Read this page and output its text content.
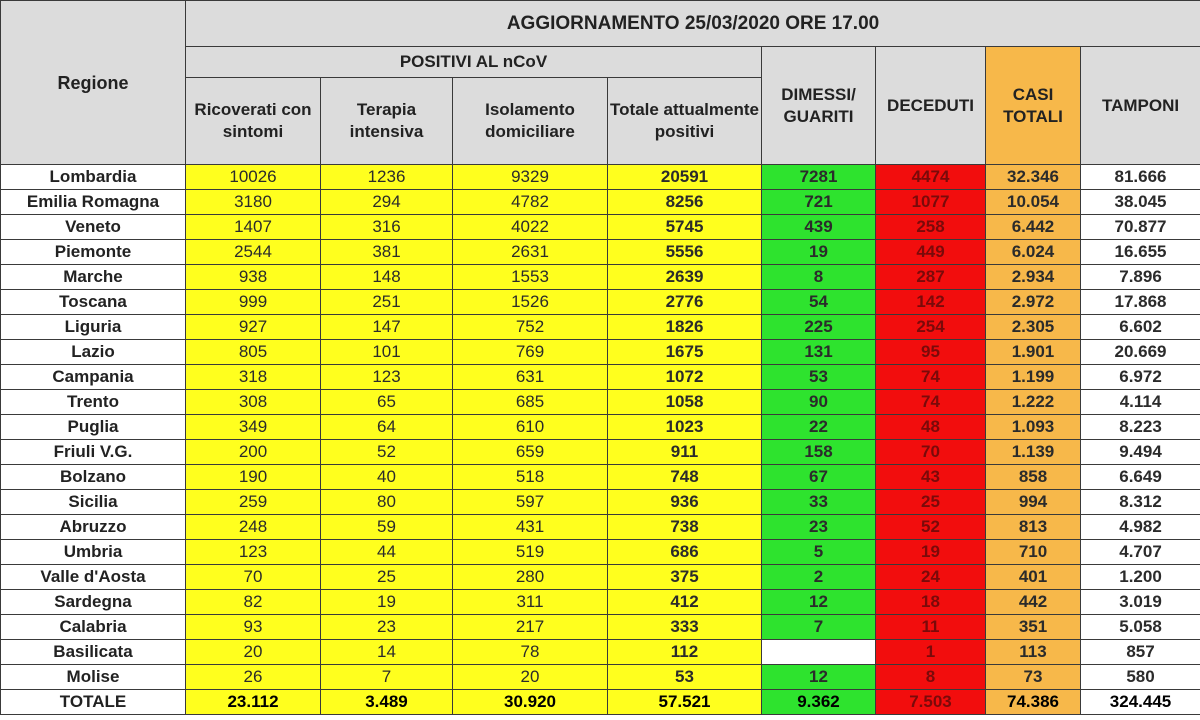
Regione	AGGIORNAMENTO 25/03/2020 ORE 17.00							
	POSITIVI AL nCoV				DIMESSI/ GUARITI	DECEDUTI	CASI TOTALI	TAMPONI
	Ricoverati con sintomi	Terapia intensiva	Isolamento domiciliare	Totale attualmente positivi				
Lombardia	10026	1236	9329	20591	7281	4474	32.346	81.666
Emilia Romagna	3180	294	4782	8256	721	1077	10.054	38.045
Veneto	1407	316	4022	5745	439	258	6.442	70.877
Piemonte	2544	381	2631	5556	19	449	6.024	16.655
Marche	938	148	1553	2639	8	287	2.934	7.896
Toscana	999	251	1526	2776	54	142	2.972	17.868
Liguria	927	147	752	1826	225	254	2.305	6.602
Lazio	805	101	769	1675	131	95	1.901	20.669
Campania	318	123	631	1072	53	74	1.199	6.972
Trento	308	65	685	1058	90	74	1.222	4.114
Puglia	349	64	610	1023	22	48	1.093	8.223
Friuli V.G.	200	52	659	911	158	70	1.139	9.494
Bolzano	190	40	518	748	67	43	858	6.649
Sicilia	259	80	597	936	33	25	994	8.312
Abruzzo	248	59	431	738	23	52	813	4.982
Umbria	123	44	519	686	5	19	710	4.707
Valle d'Aosta	70	25	280	375	2	24	401	1.200
Sardegna	82	19	311	412	12	18	442	3.019
Calabria	93	23	217	333	7	11	351	5.058
Basilicata	20	14	78	112		1	113	857
Molise	26	7	20	53	12	8	73	580
TOTALE	23.112	3.489	30.920	57.521	9.362	7.503	74.386	324.445
